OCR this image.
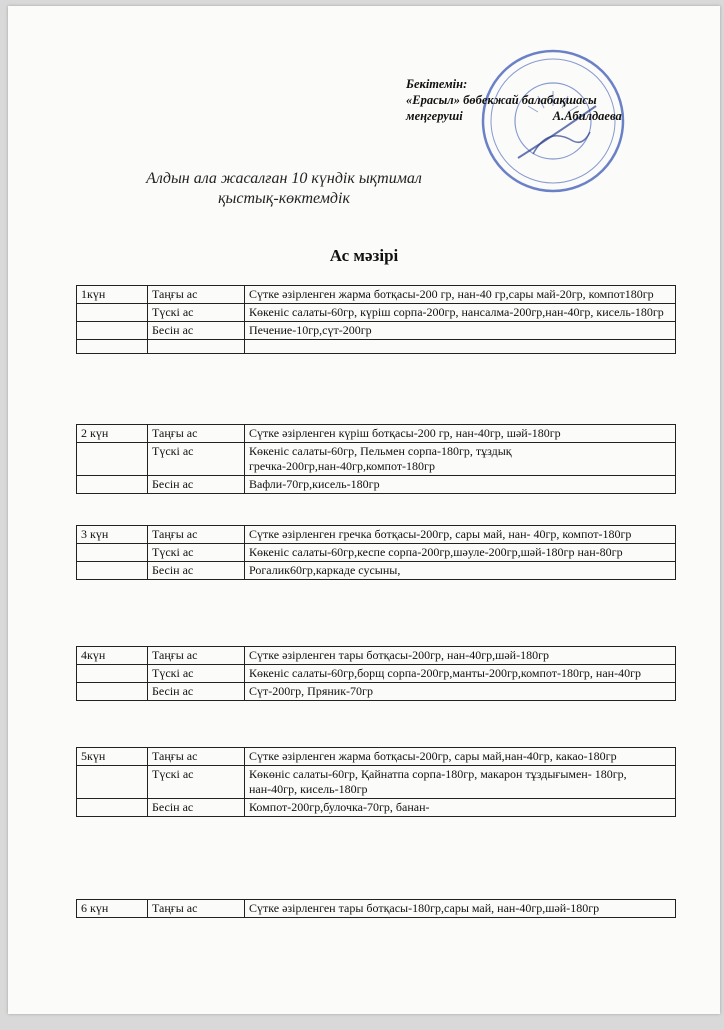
Бекітемін:
«Ерасыл» бөбекжай балабақшасы
меңгеруші	А.Абилдаева
Алдын ала жасалған 10 күндік ықтимал
қыстық-көктемдік
Ас мәзірі
1күн	Таңғы ас	Сүтке әзірленген жарма ботқасы-200 гр, нан-40 гр,сары май-20гр, компот180гр
	Түскі ас	Көкеніс салаты-60гр, күріш сорпа-200гр, нансалма-200гр,нан-40гр, кисель-180гр
	Бесін ас	Печение-10гр,сүт-200гр

2 күн	Таңғы ас	Сүтке әзірленген күріш ботқасы-200 гр, нан-40гр, шәй-180гр
	Түскі ас	Көкеніс салаты-60гр, Пельмен сорпа-180гр, тұздық гречка-200гр,нан-40гр,компот-180гр
	Бесін ас	Вафли-70гр,кисель-180гр
3 күн	Таңғы ас	Сүтке әзірленген гречка ботқасы-200гр, сары май, нан- 40гр, компот-180гр
	Түскі ас	Көкеніс салаты-60гр,кеспе сорпа-200гр,шәуле-200гр,шәй-180гр нан-80гр
	Бесін ас	Рогалик60гр,каркаде сусыны,
4күн	Таңғы ас	Сүтке әзірленген тары ботқасы-200гр, нан-40гр,шәй-180гр
	Түскі ас	Көкеніс салаты-60гр,борщ сорпа-200гр,манты-200гр,компот-180гр, нан-40гр
	Бесін ас	Сүт-200гр, Пряник-70гр
5күн	Таңғы ас	Сүтке әзірленген жарма ботқасы-200гр, сары май,нан-40гр, какао-180гр
	Түскі ас	Көкөніс салаты-60гр, Қайнатпа сорпа-180гр, макарон тұздығымен- 180гр, нан-40гр, кисель-180гр
	Бесін ас	Компот-200гр,булочка-70гр, банан-
6 күн	Таңғы ас	Сүтке әзірленген тары ботқасы-180гр,сары май, нан-40гр,шәй-180гр
